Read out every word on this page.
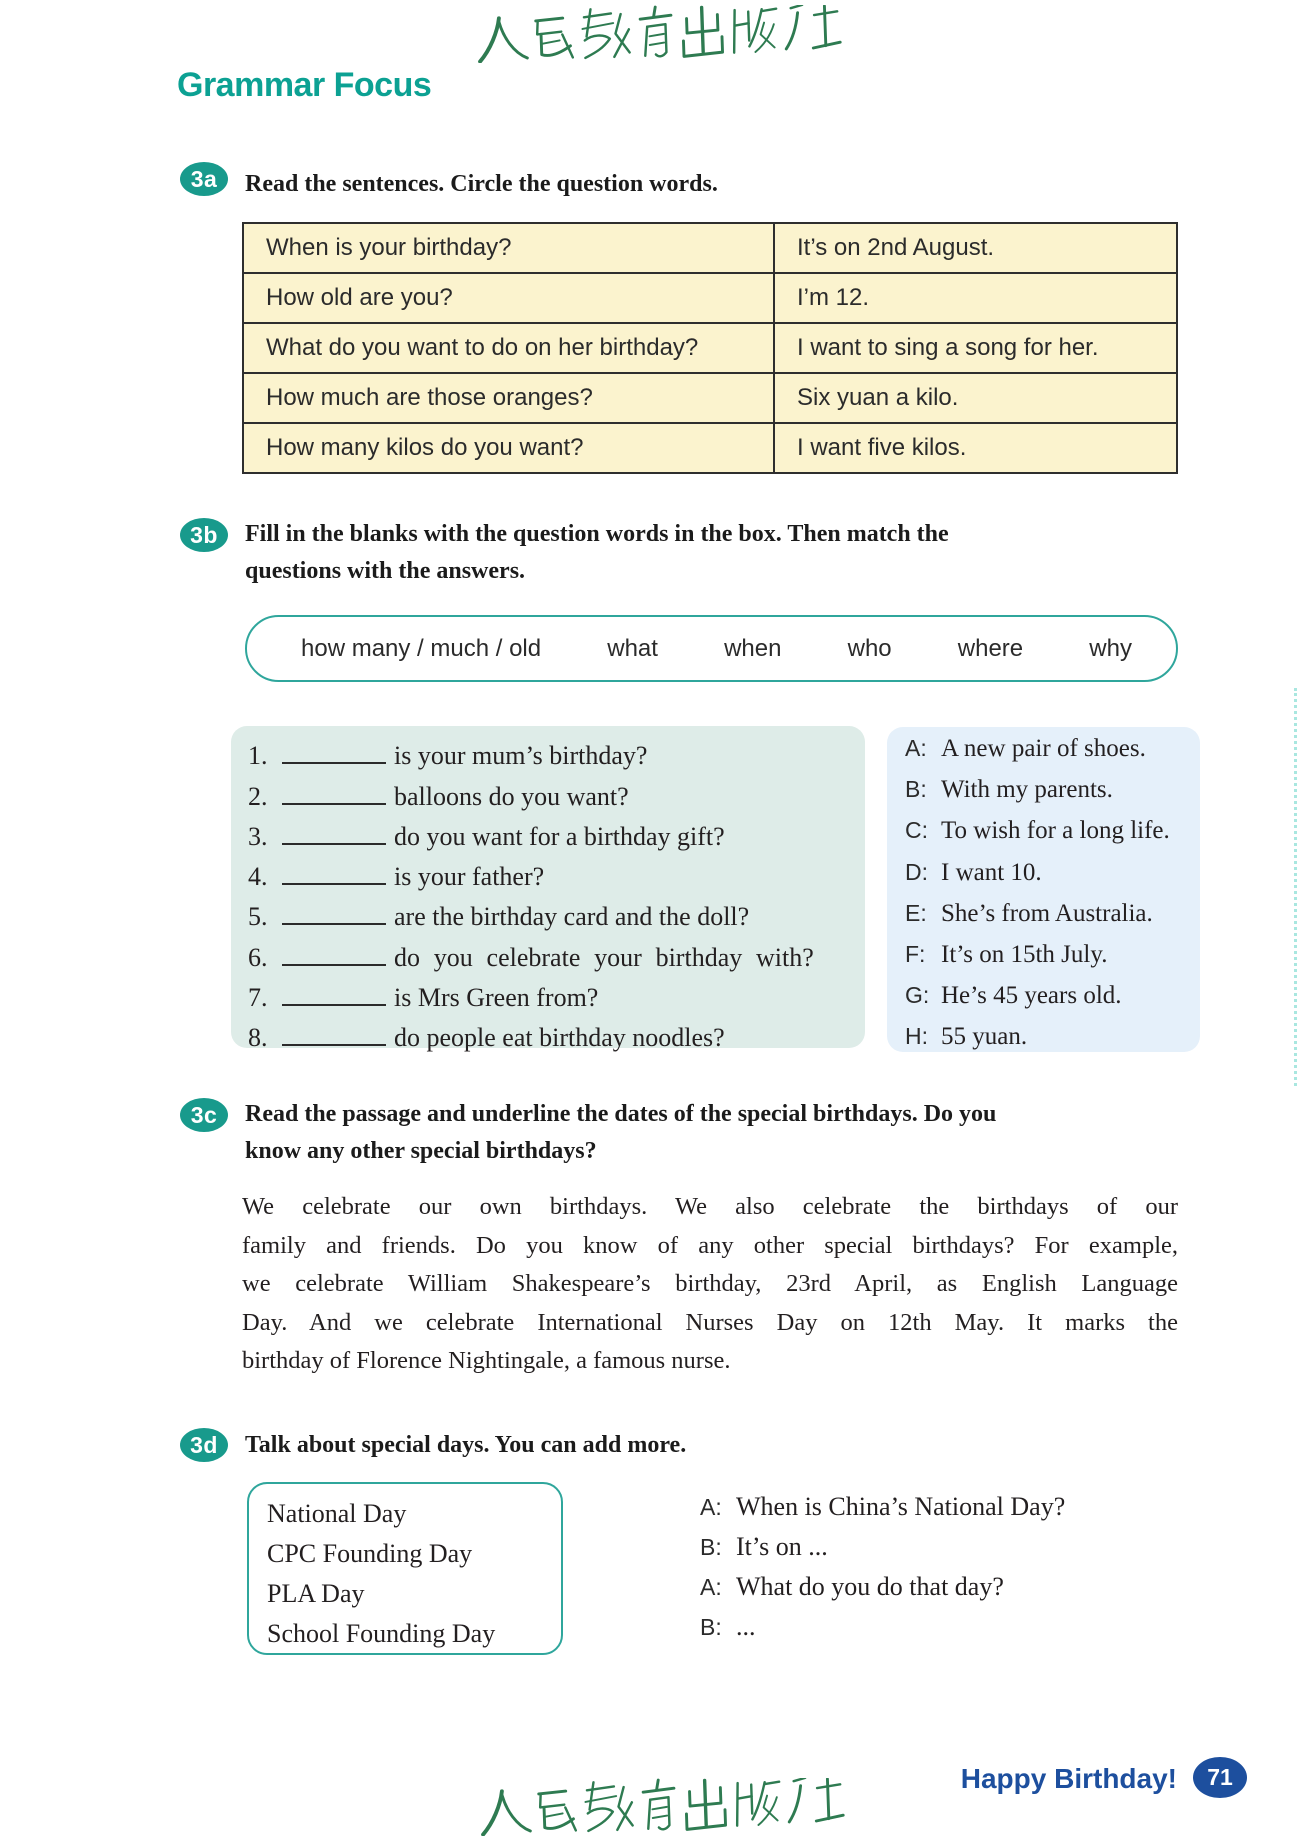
Grammar Focus
3a	Read the sentences. Circle the question words.
When is your birthday?	It’s on 2nd August.
How old are you?	I’m 12.
What do you want to do on her birthday?	I want to sing a song for her.
How much are those oranges?	Six yuan a kilo.
How many kilos do you want?	I want five kilos.
3b	Fill in the blanks with the question words in the box. Then match the
questions with the answers.
how many / much / old	what	when	who	where	why
1.	is your mum’s birthday?
2.	balloons do you want?
3.	do you want for a birthday gift?
4.	is your father?
5.	are the birthday card and the doll?
6.	do you celebrate your birthday with?
7.	is Mrs Green from?
8.	do people eat birthday noodles?
A: A new pair of shoes.
B: With my parents.
C: To wish for a long life.
D: I want 10.
E: She’s from Australia.
F: It’s on 15th July.
G: He’s 45 years old.
H: 55 yuan.
3c	Read the passage and underline the dates of the special birthdays. Do you
know any other special birthdays?
We celebrate our own birthdays. We also celebrate the birthdays of our
family and friends. Do you know of any other special birthdays? For example,
we celebrate William Shakespeare’s birthday, 23rd April, as English Language
Day. And we celebrate International Nurses Day on 12th May. It marks the
birthday of Florence Nightingale, a famous nurse.
3d	Talk about special days. You can add more.
National Day
CPC Founding Day
PLA Day
School Founding Day
A: When is China’s National Day?
B: It’s on ...
A: What do you do that day?
B: ...
Happy Birthday!	71
